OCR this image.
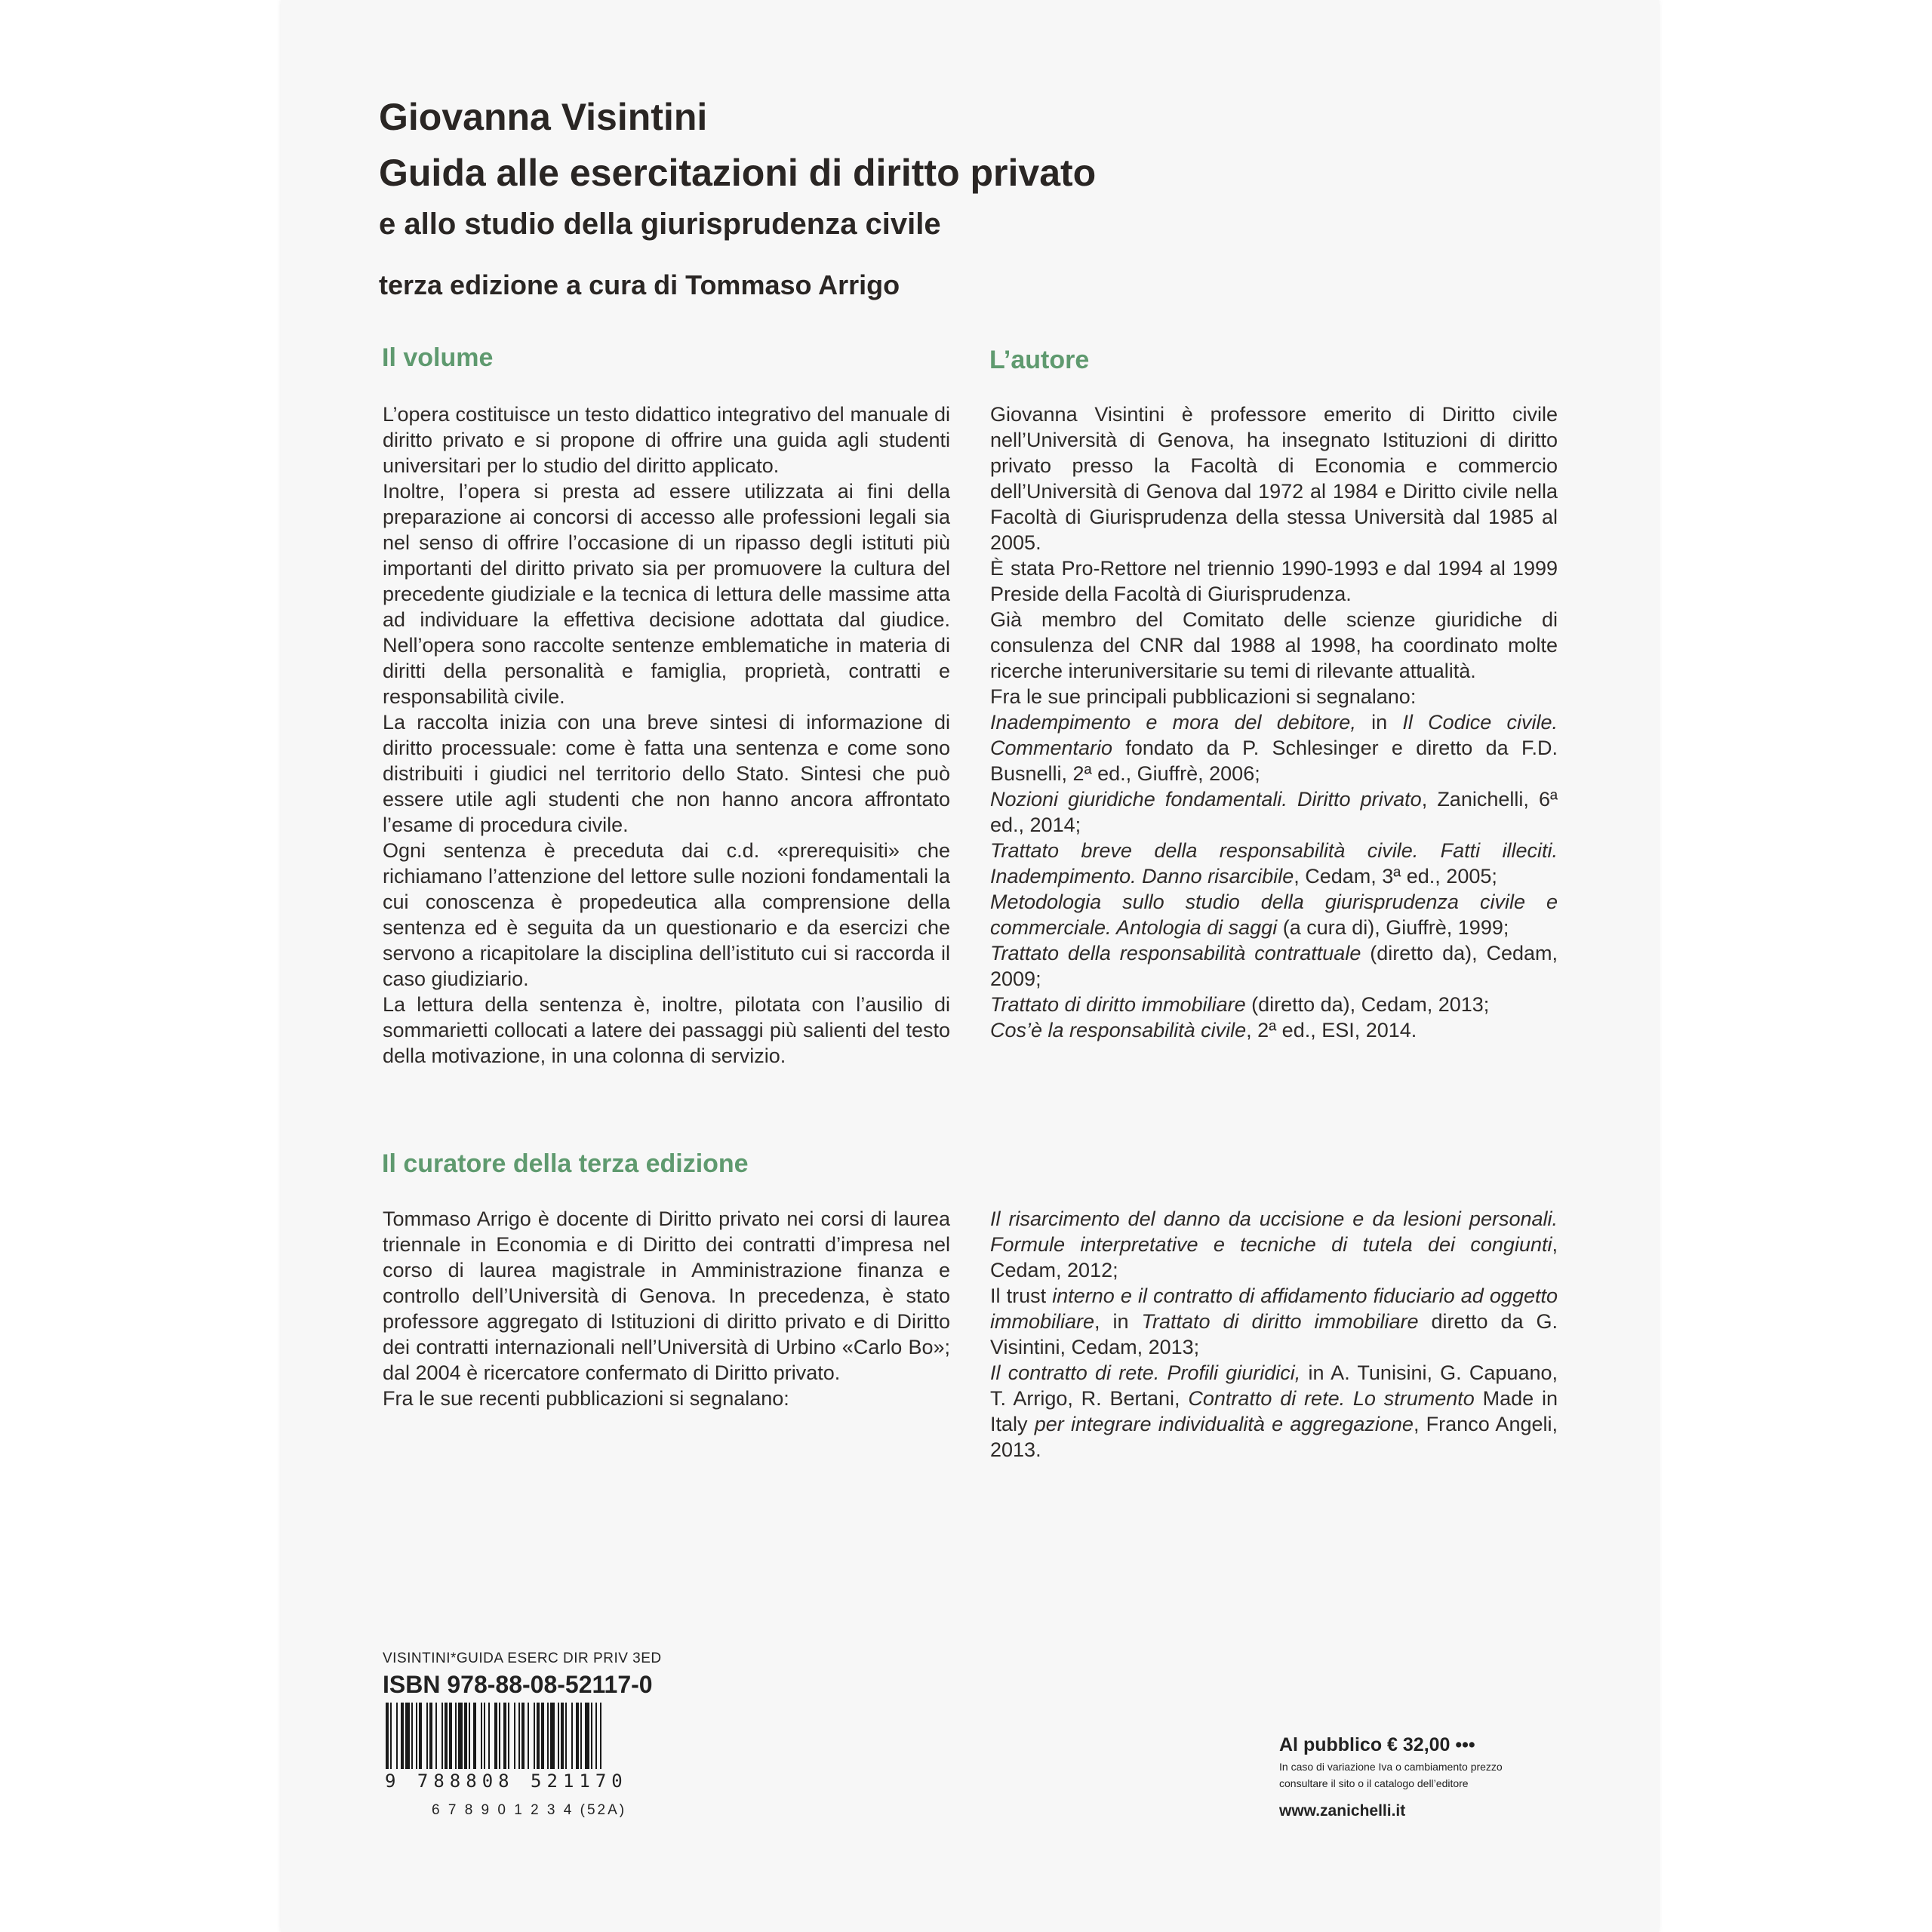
Giovanna Visintini
Guida alle esercitazioni di diritto privato
e allo studio della giurisprudenza civile
terza edizione a cura di Tommaso Arrigo
Il volume

L’opera costituisce un testo didattico integrativo del manuale di diritto privato e si propone di offrire una guida agli studenti universitari per lo studio del diritto applicato.

Inoltre, l’opera si presta ad essere utilizzata ai fini della preparazione ai concorsi di accesso alle professioni legali sia nel senso di offrire l’occasione di un ripasso degli istituti più importanti del diritto privato sia per promuovere la cultura del precedente giudiziale e la tecnica di lettura delle massime atta ad individuare la effettiva decisione adottata dal giudice. Nell’opera sono raccolte sentenze emblematiche in materia di diritti della personalità e famiglia, proprietà, contratti e responsabilità civile.

La raccolta inizia con una breve sintesi di informazione di diritto processuale: come è fatta una sentenza e come sono distribuiti i giudici nel territorio dello Stato. Sintesi che può essere utile agli studenti che non hanno ancora affrontato l’esame di procedura civile.

Ogni sentenza è preceduta dai c.d. «prerequisiti» che richiamano l’attenzione del lettore sulle nozioni fondamentali la cui conoscenza è propedeutica alla comprensione della sentenza ed è seguita da un questionario e da esercizi che servono a ricapitolare la disciplina dell’istituto cui si raccorda il caso giudiziario.

La lettura della sentenza è, inoltre, pilotata con l’ausilio di sommarietti collocati a latere dei passaggi più salienti del testo della motivazione, in una colonna di servizio.

L’autore

Giovanna Visintini è professore emerito di Diritto civile nell’Università di Genova, ha insegnato Istituzioni di diritto privato presso la Facoltà di Economia e commercio dell’Università di Genova dal 1972 al 1984 e Diritto civile nella Facoltà di Giurisprudenza della stessa Università dal 1985 al 2005.

È stata Pro-Rettore nel triennio 1990-1993 e dal 1994 al 1999 Preside della Facoltà di Giurisprudenza.

Già membro del Comitato delle scienze giuridiche di consulenza del CNR dal 1988 al 1998, ha coordinato molte ricerche interuniversitarie su temi di rilevante attualità.

Fra le sue principali pubblicazioni si segnalano:

Inadempimento e mora del debitore, in Il Codice civile. Commentario fondato da P. Schlesinger e diretto da F.D. Busnelli, 2ª ed., Giuffrè, 2006;

Nozioni giuridiche fondamentali. Diritto privato, Zanichelli, 6ª ed., 2014;

Trattato breve della responsabilità civile. Fatti illeciti. Inadempimento. Danno risarcibile, Cedam, 3ª ed., 2005;

Metodologia sullo studio della giurisprudenza civile e commerciale. Antologia di saggi (a cura di), Giuffrè, 1999;

Trattato della responsabilità contrattuale (diretto da), Cedam, 2009;

Trattato di diritto immobiliare (diretto da), Cedam, 2013;

Cos’è la responsabilità civile, 2ª ed., ESI, 2014.

Il curatore della terza edizione

Tommaso Arrigo è docente di Diritto privato nei corsi di laurea triennale in Economia e di Diritto dei contratti d’impresa nel corso di laurea magistrale in Amministrazione finanza e controllo dell’Università di Genova. In precedenza, è stato professore aggregato di Istituzioni di diritto privato e di Diritto dei contratti internazionali nell’Università di Urbino «Carlo Bo»; dal 2004 è ricercatore confermato di Diritto privato.

Fra le sue recenti pubblicazioni si segnalano:

Il risarcimento del danno da uccisione e da lesioni personali. Formule interpretative e tecniche di tutela dei congiunti, Cedam, 2012;

Il trust interno e il contratto di affidamento fiduciario ad oggetto immobiliare, in Trattato di diritto immobiliare diretto da G. Visintini, Cedam, 2013;

Il contratto di rete. Profili giuridici, in A. Tunisini, G. Capuano, T. Arrigo, R. Bertani, Contratto di rete. Lo strumento Made in Italy per integrare individualità e aggregazione, Franco Angeli, 2013.

VISINTINI*GUIDA ESERC DIR PRIV 3ED
ISBN 978-88-08-52117-0
9 788808 521170
6 7 8 9 0 1 2 3 4 (52A)
Al pubblico € 32,00 •••
In caso di variazione Iva o cambiamento prezzo
consultare il sito o il catalogo dell’editore
www.zanichelli.it
